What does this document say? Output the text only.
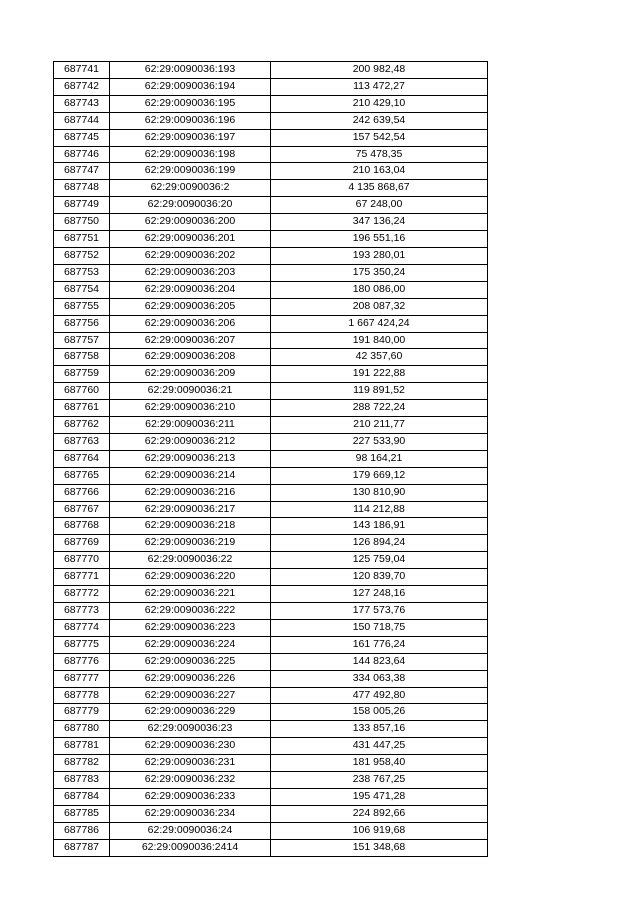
687741	62:29:0090036:193	200 982,48
687742	62:29:0090036:194	113 472,27
687743	62:29:0090036:195	210 429,10
687744	62:29:0090036:196	242 639,54
687745	62:29:0090036:197	157 542,54
687746	62:29:0090036:198	75 478,35
687747	62:29:0090036:199	210 163,04
687748	62:29:0090036:2	4 135 868,67
687749	62:29:0090036:20	67 248,00
687750	62:29:0090036:200	347 136,24
687751	62:29:0090036:201	196 551,16
687752	62:29:0090036:202	193 280,01
687753	62:29:0090036:203	175 350,24
687754	62:29:0090036:204	180 086,00
687755	62:29:0090036:205	208 087,32
687756	62:29:0090036:206	1 667 424,24
687757	62:29:0090036:207	191 840,00
687758	62:29:0090036:208	42 357,60
687759	62:29:0090036:209	191 222,88
687760	62:29:0090036:21	119 891,52
687761	62:29:0090036:210	288 722,24
687762	62:29:0090036:211	210 211,77
687763	62:29:0090036:212	227 533,90
687764	62:29:0090036:213	98 164,21
687765	62:29:0090036:214	179 669,12
687766	62:29:0090036:216	130 810,90
687767	62:29:0090036:217	114 212,88
687768	62:29:0090036:218	143 186,91
687769	62:29:0090036:219	126 894,24
687770	62:29:0090036:22	125 759,04
687771	62:29:0090036:220	120 839,70
687772	62:29:0090036:221	127 248,16
687773	62:29:0090036:222	177 573,76
687774	62:29:0090036:223	150 718,75
687775	62:29:0090036:224	161 776,24
687776	62:29:0090036:225	144 823,64
687777	62:29:0090036:226	334 063,38
687778	62:29:0090036:227	477 492,80
687779	62:29:0090036:229	158 005,26
687780	62:29:0090036:23	133 857,16
687781	62:29:0090036:230	431 447,25
687782	62:29:0090036:231	181 958,40
687783	62:29:0090036:232	238 767,25
687784	62:29:0090036:233	195 471,28
687785	62:29:0090036:234	224 892,66
687786	62:29:0090036:24	106 919,68
687787	62:29:0090036:2414	151 348,68
